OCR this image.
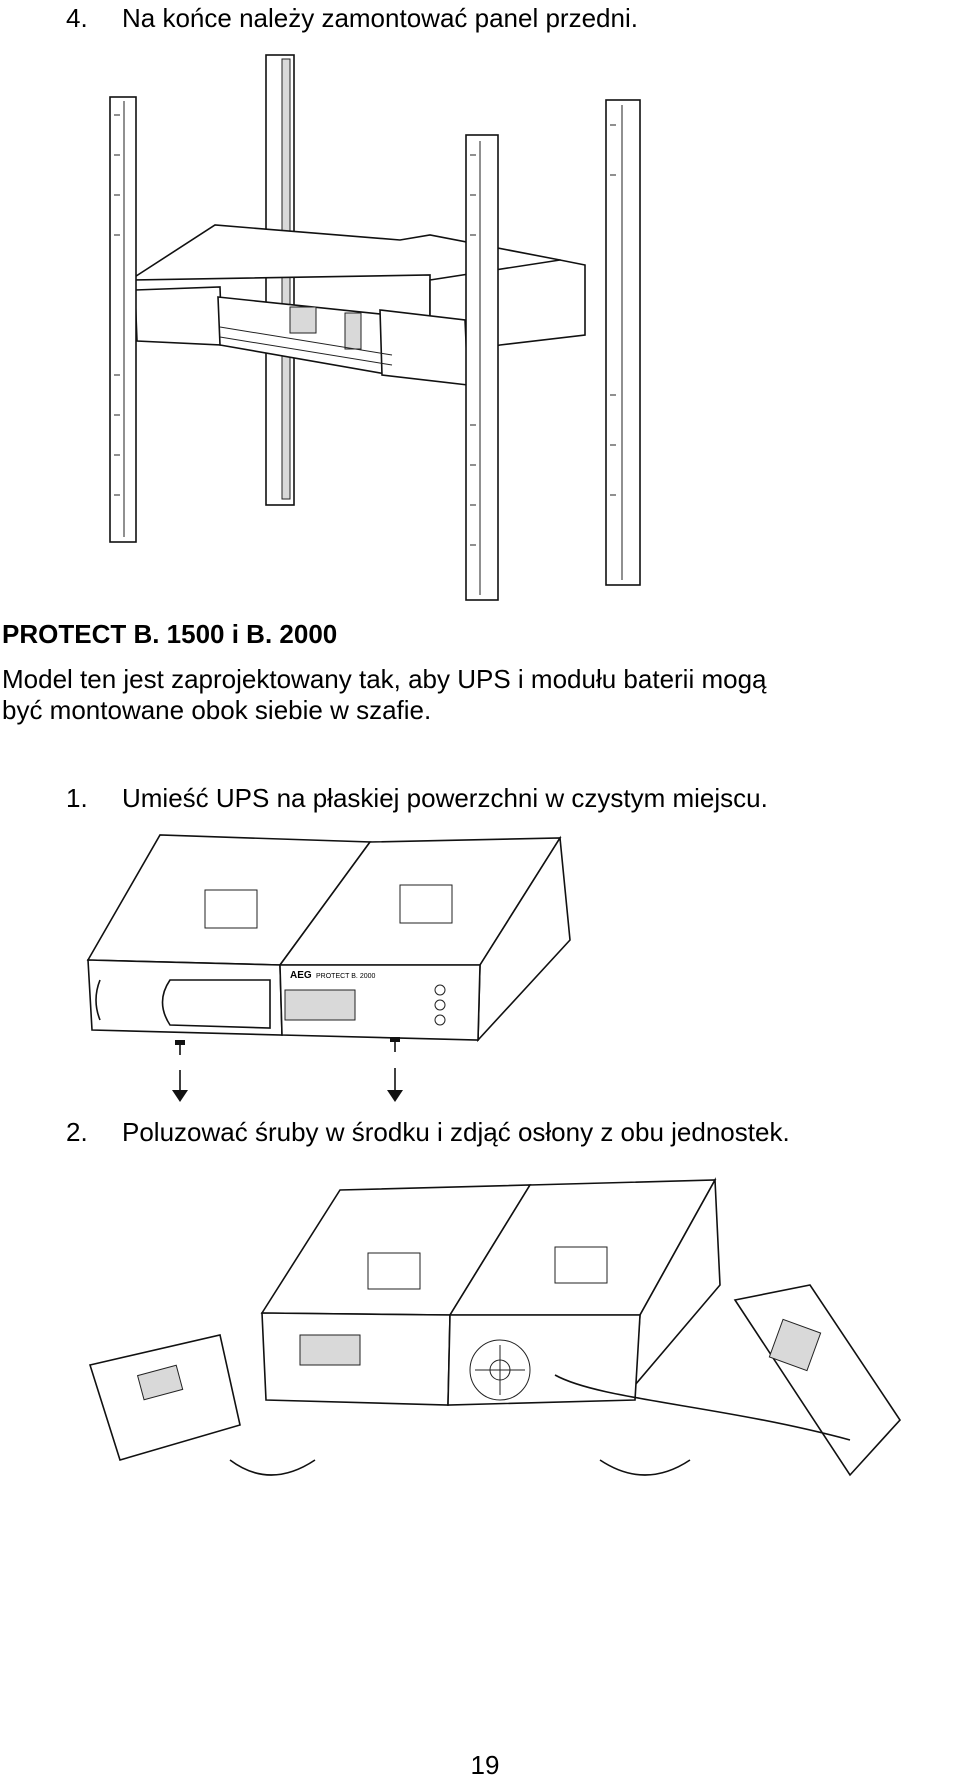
4. Na końce należy zamontować panel przedni.
PROTECT B. 1500 i B. 2000
Model ten jest zaprojektowany tak, aby UPS i modułu baterii mogą
być montowane obok siebie w szafie.
1. Umieść UPS na płaskiej powerzchni w czystym miejscu.
AEG PROTECT B. 2000
2. Poluzować śruby w środku i zdjąć osłony z obu jednostek.
19
